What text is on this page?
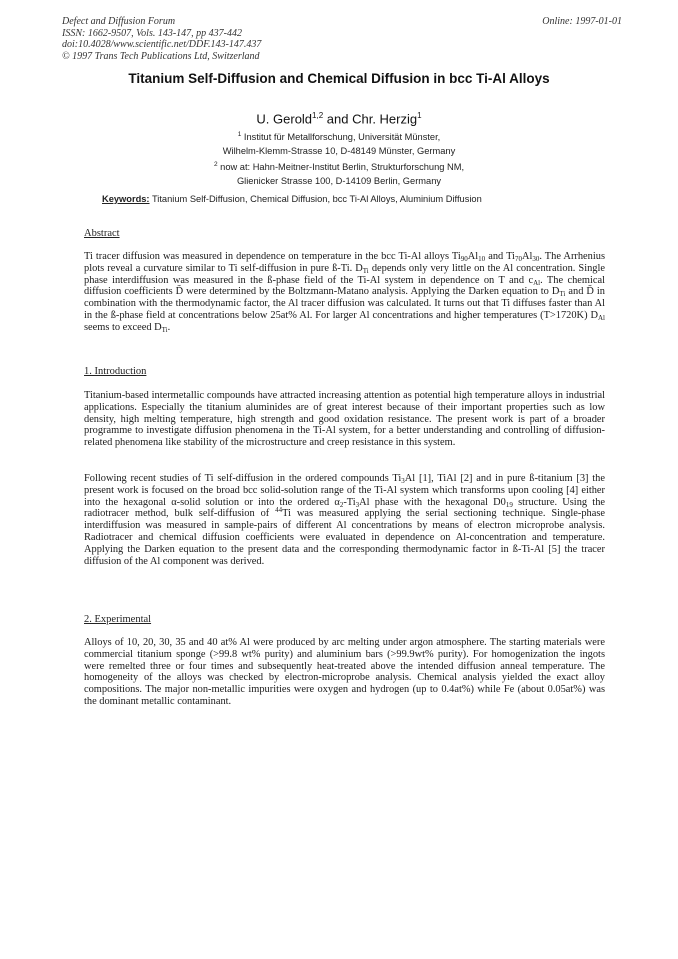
Defect and Diffusion Forum
ISSN: 1662-9507, Vols. 143-147, pp 437-442
doi:10.4028/www.scientific.net/DDF.143-147.437
© 1997 Trans Tech Publications Ltd, Switzerland
Online: 1997-01-01
Titanium Self-Diffusion and Chemical Diffusion in bcc Ti-Al Alloys
U. Gerold$^{1,2}$ and Chr. Herzig$^1$
$^1$ Institut für Metallforschung, Universität Münster,
Wilhelm-Klemm-Strasse 10, D-48149 Münster, Germany
$^2$ now at: Hahn-Meitner-Institut Berlin, Strukturforschung NM,
Glienicker Strasse 100, D-14109 Berlin, Germany
Keywords: Titanium Self-Diffusion, Chemical Diffusion, bcc Ti-Al Alloys, Aluminium Diffusion
Abstract
Ti tracer diffusion was measured in dependence on temperature in the bcc Ti-Al alloys $Ti_{90}Al_{10}$ and $Ti_{70}Al_{30}$. The Arrhenius plots reveal a curvature similar to Ti self-diffusion in pure ß-Ti. $D_{Ti}$ depends only very little on the Al concentration. Single phase interdiffusion was measured in the ß-phase field of the Ti-Al system in dependence on T and $c_{Al}$. The chemical diffusion coefficients D̃ were determined by the Boltzmann-Matano analysis. Applying the Darken equation to $D_{Ti}$ and D̃ in combination with the thermodynamic factor, the Al tracer diffusion was calculated. It turns out that Ti diffuses faster than Al in the ß-phase field at concentrations below 25at% Al. For larger Al concentrations and higher temperatures (T>1720K) $D_{Al}$ seems to exceed $D_{Ti}$.
1. Introduction
Titanium-based intermetallic compounds have attracted increasing attention as potential high temperature alloys in industrial applications. Especially the titanium aluminides are of great interest because of their important properties such as low density, high melting temperature, high strength and good oxidation resistance. The present work is part of a broader programme to investigate diffusion phenomena in the Ti-Al system, for a better understanding and controlling of diffusion-related phenomena like stability of the microstructure and creep resistance in this system.
Following recent studies of Ti self-diffusion in the ordered compounds $Ti_3Al$ [1], TiAl [2] and in pure ß-titanium [3] the present work is focused on the broad bcc solid-solution range of the Ti-Al system which transforms upon cooling [4] either into the hexagonal α-solid solution or into the ordered $\alpha_2-Ti_3Al$ phase with the hexagonal $D0_{19}$ structure. Using the radiotracer method, bulk self-diffusion of $^{44}$Ti was measured applying the serial sectioning technique. Single-phase interdiffusion was measured in sample-pairs of different Al concentrations by means of electron microprobe analysis. Radiotracer and chemical diffusion coefficients were evaluated in dependence on Al-concentration and temperature. Applying the Darken equation to the present data and the corresponding thermodynamic factor in ß-Ti-Al [5] the tracer diffusion of the Al component was derived.
2. Experimental
Alloys of 10, 20, 30, 35 and 40 at% Al were produced by arc melting under argon atmosphere. The starting materials were commercial titanium sponge (>99.8 wt% purity) and aluminium bars (>99.9wt% purity). For homogenization the ingots were remelted three or four times and subsequently heat-treated above the intended diffusion anneal temperature. The homogeneity of the alloys was checked by electron-microprobe analysis. Chemical analysis yielded the exact alloy compositions. The major non-metallic impurities were oxygen and hydrogen (up to 0.4at%) while Fe (about 0.05at%) was the dominant metallic contaminant.
